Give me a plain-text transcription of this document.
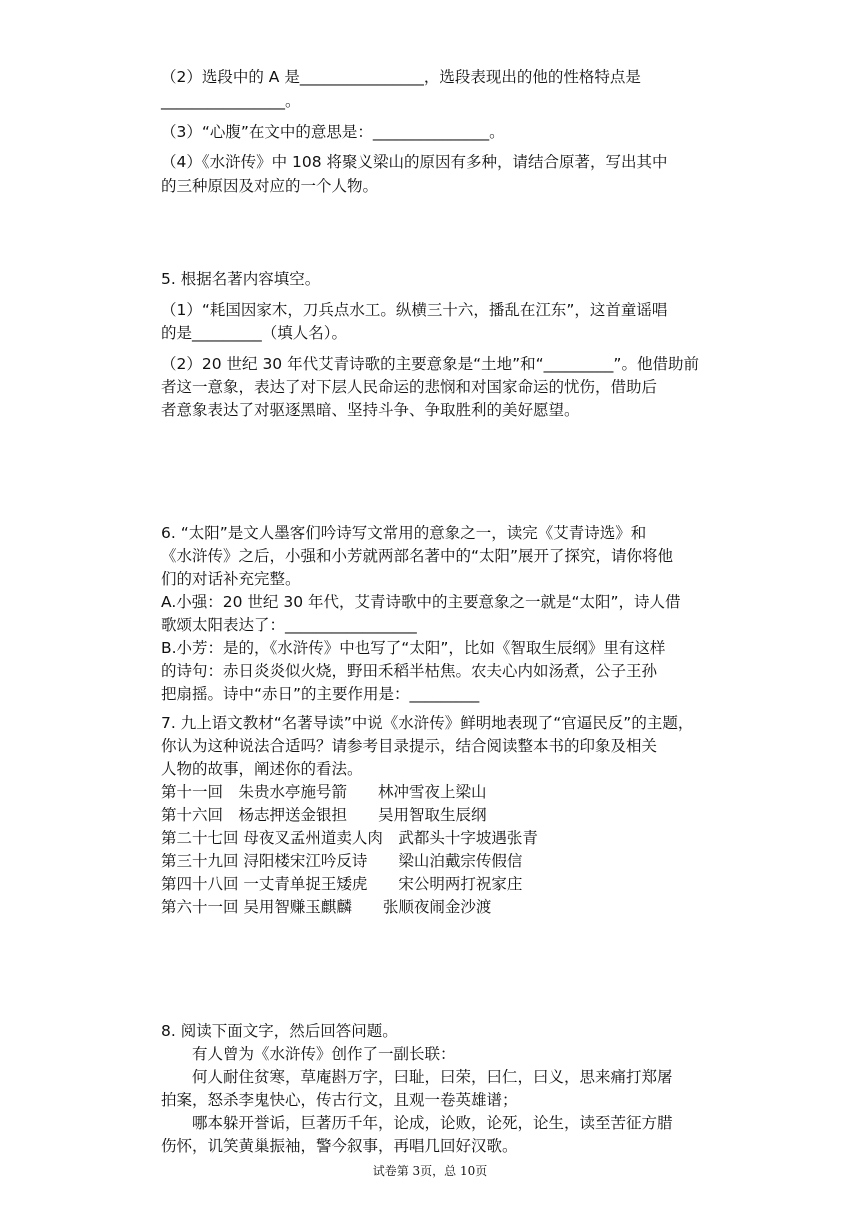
（2）选段中的 A 是________________，选段表现出的他的性格特点是
________________。
（3）“心腹”在文中的意思是：_______________。
（4）《水浒传》中 108 将聚义梁山的原因有多种，请结合原著，写出其中
的三种原因及对应的一个人物。
5. 根据名著内容填空。
（1）“耗国因家木，刀兵点水工。纵横三十六，播乱在江东”，这首童谣唱
的是_________（填人名）。
（2）20 世纪 30 年代艾青诗歌的主要意象是“土地”和“_________”。他借助前
者这一意象，表达了对下层人民命运的悲悯和对国家命运的忧伤，借助后
者意象表达了对驱逐黑暗、坚持斗争、争取胜利的美好愿望。
6. “太阳”是文人墨客们吟诗写文常用的意象之一，读完《艾青诗选》和
《水浒传》之后，小强和小芳就两部名著中的“太阳”展开了探究，请你将他
们的对话补充完整。
A.小强：20 世纪 30 年代，艾青诗歌中的主要意象之一就是“太阳”，诗人借
歌颂太阳表达了：_________________
B.小芳：是的，《水浒传》中也写了“太阳”，比如《智取生辰纲》里有这样
的诗句：赤日炎炎似火烧，野田禾稻半枯焦。农夫心内如汤煮，公子王孙
把扇摇。诗中“赤日”的主要作用是：_________
7. 九上语文教材“名著导读”中说《水浒传》鲜明地表现了“官逼民反”的主题，
你认为这种说法合适吗？请参考目录提示，结合阅读整本书的印象及相关
人物的故事，阐述你的看法。
第十一回　朱贵水亭施号箭　　林冲雪夜上梁山
第十六回　杨志押送金银担　　吴用智取生辰纲
第二十七回 母夜叉孟州道卖人肉　武都头十字坡遇张青
第三十九回 浔阳楼宋江吟反诗　　梁山泊戴宗传假信
第四十八回 一丈青单捉王矮虎　　宋公明两打祝家庄
第六十一回 吴用智赚玉麒麟　　张顺夜闹金沙渡
8. 阅读下面文字，然后回答问题。
有人曾为《水浒传》创作了一副长联：
何人耐住贫寒，草庵斟万字，曰耻，曰荣，曰仁，曰义，思来痛打郑屠
拍案，怒杀李鬼快心，传古行文，且观一卷英雄谱；
哪本躲开誉诟，巨著历千年，论成，论败，论死，论生，读至苦征方腊
伤怀，讥笑黄巢振袖，警今叙事，再唱几回好汉歌。
试卷第 3页，总 10页
